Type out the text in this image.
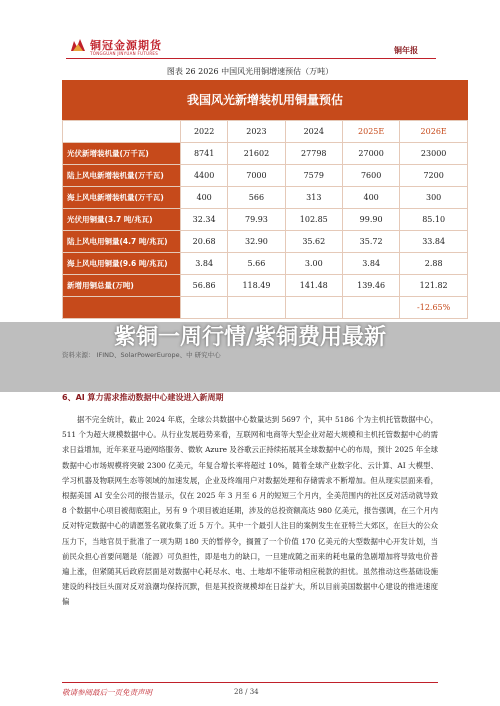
铜冠金源期货
TONGGUAN JINYUAN FUTURES	铜年报
图表 26 2026 中国风光用铜增速预估（万吨）
我国风光新增装机用铜量预估
	2022	2023	2024	2025E	2026E
光伏新增装机量(万千瓦)	8741	21602	27798	27000	23000
陆上风电新增装机量(万千瓦)	4400	7000	7579	7600	7200
海上风电新增装机量(万千瓦)	400	566	313	400	300
光伏用铜量(3.7 吨/兆瓦)	32.34	79.93	102.85	99.90	85.10
陆上风电用铜量(4.7 吨/兆瓦)	20.68	32.90	35.62	35.72	33.84
海上风电用铜量(9.6 吨/兆瓦)	3.84	5.66	3.00	3.84	2.88
新增用铜总量(万吨)	56.86	118.49	141.48	139.46	121.82
					-12.65%
资料来源： IFIND、SolarPowerEurope、中 研究中心
紫铜一周行情/紫铜费用最新
6、AI 算力需求推动数据中心建设进入新周期
据不完全统计，截止 2024 年底，全球公共数据中心数量达到 5697 个，其中 5186 个为主机托管数据中心，511 个为超大规模数据中心。从行业发展趋势来看，互联网和电商等大型企业对超大规模和主机托管数据中心的需求日益增加，近年来亚马逊网络服务、微软 Azure 及谷歌云正持续拓展其全球数据中心的布局，预计 2025 年全球数据中心市场规模将突破 2300 亿美元，年复合增长率将超过 10%，随着全球产业数字化、云计算、AI 大模型、学习机器及物联网生态等领域的加速发展，企业及终端用户对数据处理和存储需求不断增加。但从现实层面来看，根据美国 AI 安全公司的报告显示，仅在 2025 年 3 月至 6 月的短短三个月内，全美范围内的社区反对活动就导致 8 个数据中心项目被彻底阻止，另有 9 个项目被迫延期，涉及的总投资额高达 980 亿美元，报告强调，在三个月内反对特定数据中心的请愿签名就收集了近 5 万个。其中一个最引人注目的案例发生在亚特兰大郊区，在巨大的公众压力下，当地官员于批准了一项为期 180 天的暂停令，搁置了一个价值 170 亿美元的大型数据中心开发计划，当前民众担心首要问题是（能源）可负担性，即是电力的缺口，一旦建成随之而来的耗电量的急剧增加将导致电价普遍上涨，但紧随其后政府层面是对数据中心耗尽水、电、土地却不能带动相应税款的担忧。虽然推动这些基础设施建设的科技巨头面对反对浪潮均保持沉默，但是其投资规模却在日益扩大，所以目前美国数据中心建设的推进速度偏
敬请参阅最后一页免责声明	28 / 34
